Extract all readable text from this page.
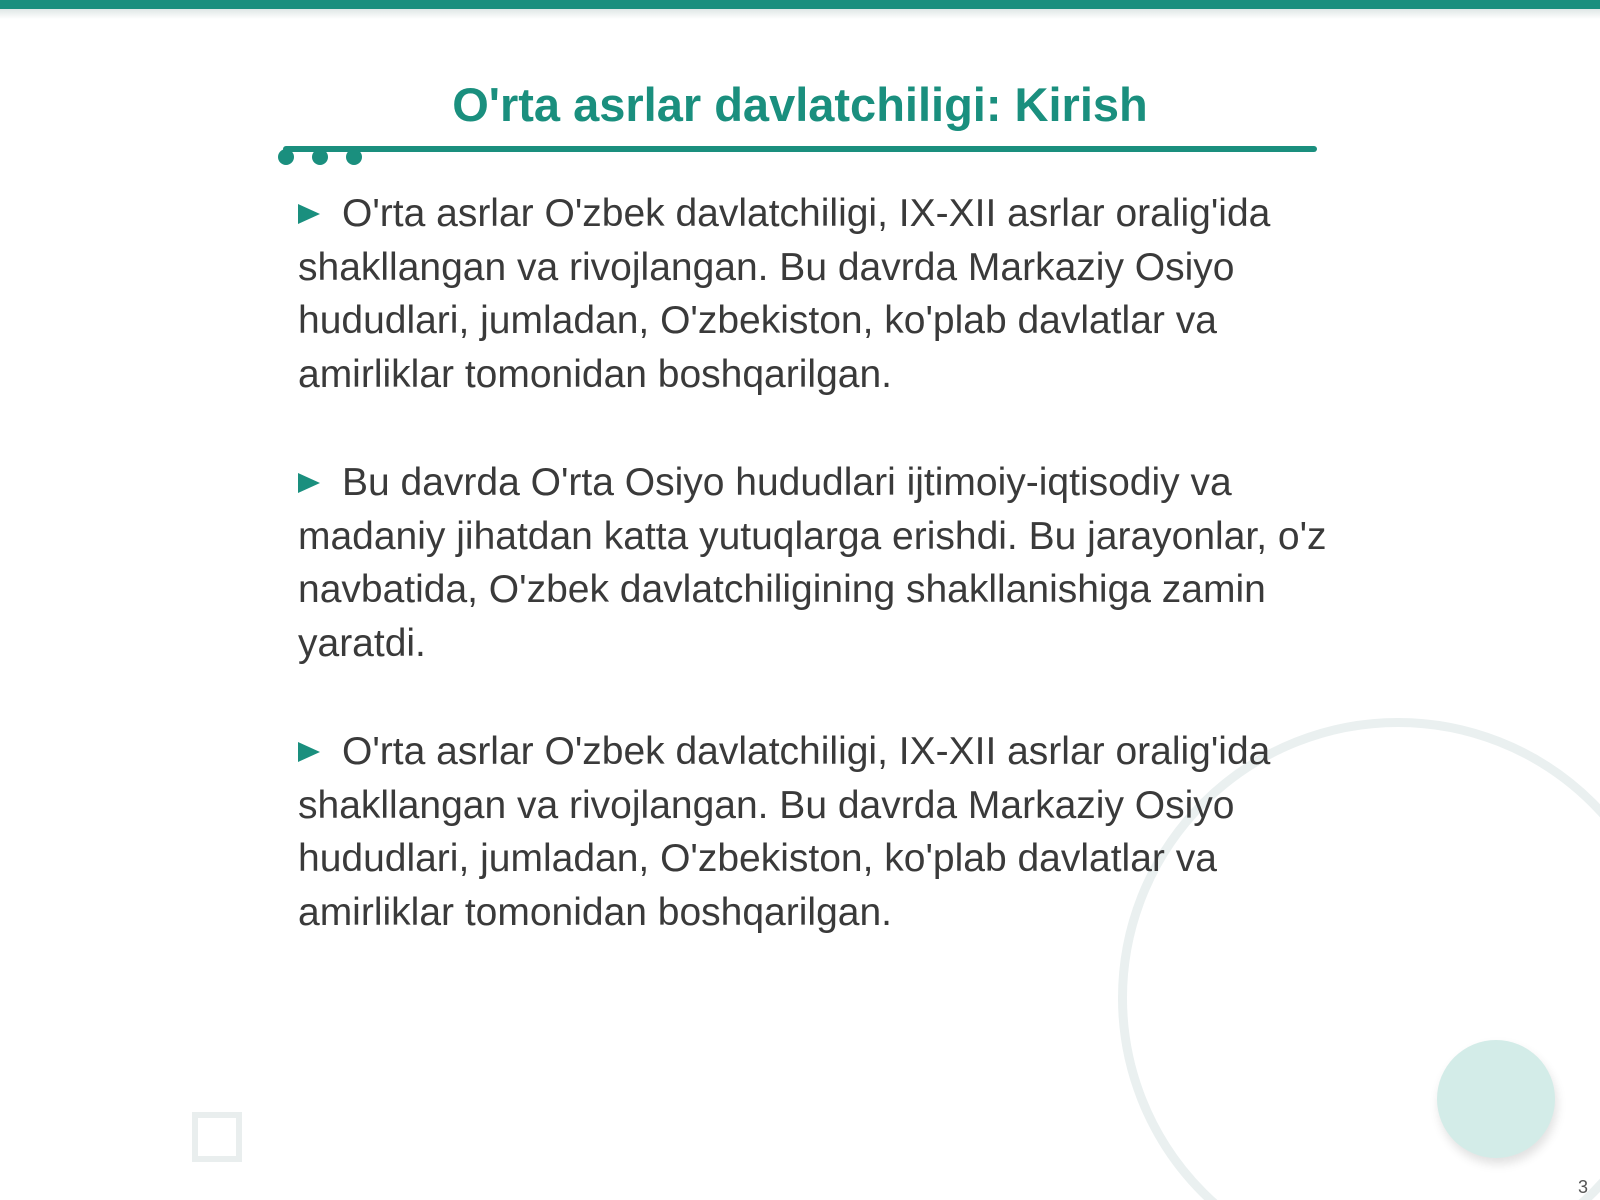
O'rta asrlar davlatchiligi: Kirish
O'rta asrlar O'zbek davlatchiligi, IX-XII asrlar oralig'ida shakllangan va rivojlangan. Bu davrda Markaziy Osiyo hududlari, jumladan, O'zbekiston, ko'plab davlatlar va amirliklar tomonidan boshqarilgan.
Bu davrda O'rta Osiyo hududlari ijtimoiy-iqtisodiy va madaniy jihatdan katta yutuqlarga erishdi. Bu jarayonlar, o'z navbatida, O'zbek davlatchiligining shakllanishiga zamin yaratdi.
O'rta asrlar O'zbek davlatchiligi, IX-XII asrlar oralig'ida shakllangan va rivojlangan. Bu davrda Markaziy Osiyo hududlari, jumladan, O'zbekiston, ko'plab davlatlar va amirliklar tomonidan boshqarilgan.
3
